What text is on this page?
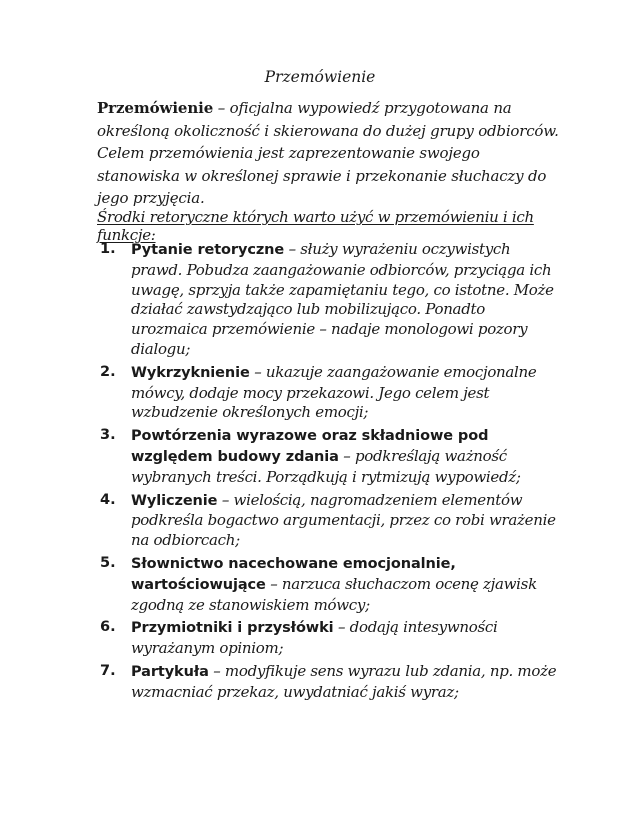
Przemówienie

Przemówienie – oficjalna wypowiedź przygotowana na określoną okoliczność i skierowana do dużej grupy odbiorców. Celem przemówienia jest zaprezentowanie swojego stanowiska w określonej sprawie i przekonanie słuchaczy do jego przyjęcia.

Środki retoryczne których warto użyć w przemówieniu i ich funkcje:
1.	Pytanie retoryczne – służy wyrażeniu oczywistych prawd. Pobudza zaangażowanie odbiorców, przyciąga ich uwagę, sprzyja także zapamiętaniu tego, co istotne. Może działać zawstydzająco lub mobilizująco. Ponadto urozmaica przemówienie – nadaje monologowi pozory dialogu;
2.	Wykrzyknienie – ukazuje zaangażowanie emocjonalne mówcy, dodaje mocy przekazowi. Jego celem jest wzbudzenie określonych emocji;
3.	Powtórzenia wyrazowe oraz składniowe pod względem budowy zdania – podkreślają ważność wybranych treści. Porządkują i rytmizują wypowiedź;
4.	Wyliczenie – wielością, nagromadzeniem elementów podkreśla bogactwo argumentacji, przez co robi wrażenie na odbiorcach;
5.	Słownictwo nacechowane emocjonalnie, wartościowujące – narzuca słuchaczom ocenę zjawisk zgodną ze stanowiskiem mówcy;
6.	Przymiotniki i przysłówki – dodają intesywności wyrażanym opiniom;
7.	Partykuła – modyfikuje sens wyrazu lub zdania, np. może wzmacniać przekaz, uwydatniać jakiś wyraz;
